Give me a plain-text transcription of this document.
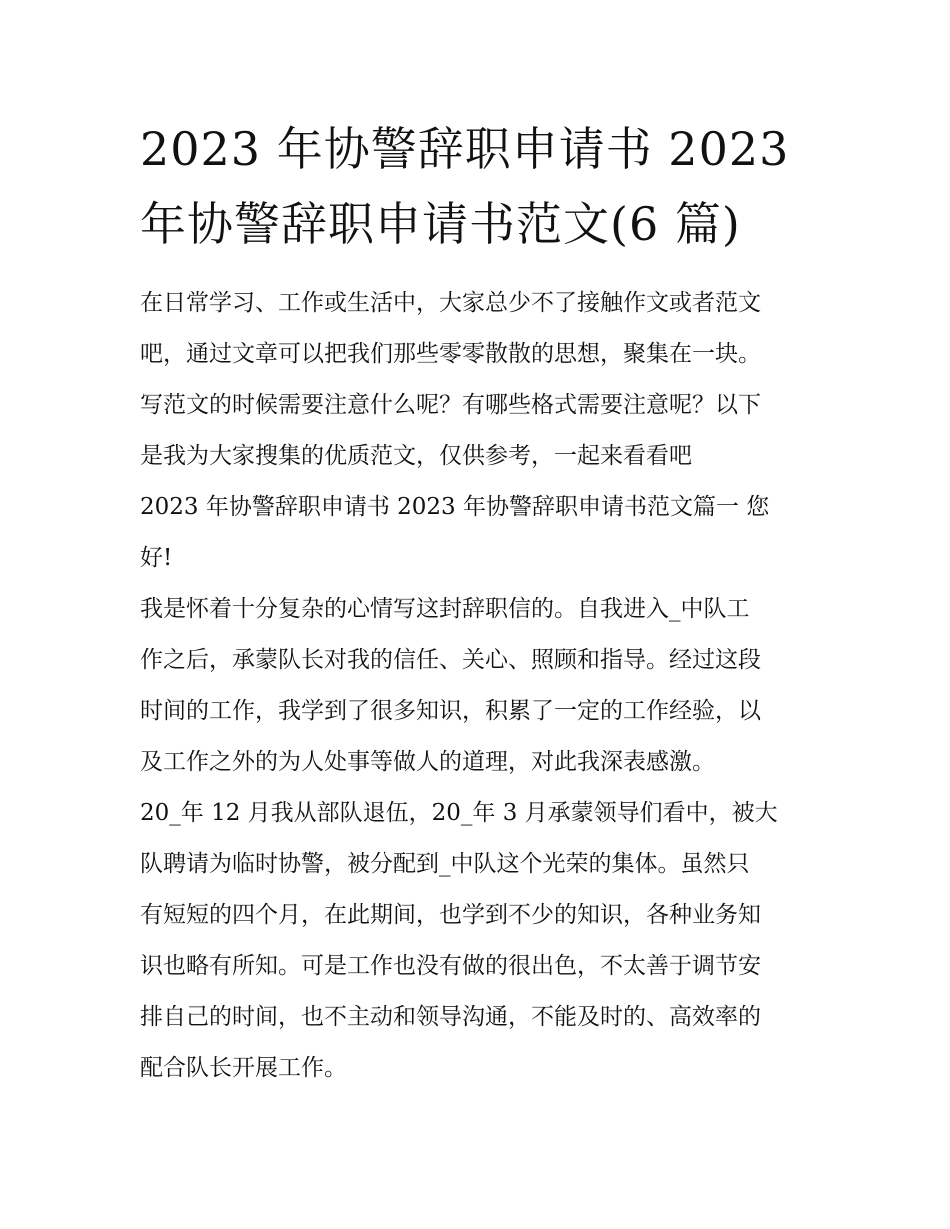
2023 年协警辞职申请书 2023
年协警辞职申请书范文(6 篇)
在日常学习、工作或生活中，大家总少不了接触作文或者范文
吧，通过文章可以把我们那些零零散散的思想，聚集在一块。
写范文的时候需要注意什么呢？有哪些格式需要注意呢？以下
是我为大家搜集的优质范文，仅供参考，一起来看看吧
2023 年协警辞职申请书 2023 年协警辞职申请书范文篇一 您
好!
我是怀着十分复杂的心情写这封辞职信的。自我进入_中队工
作之后，承蒙队长对我的信任、关心、照顾和指导。经过这段
时间的工作，我学到了很多知识，积累了一定的工作经验，以
及工作之外的为人处事等做人的道理，对此我深表感激。
20_年 12 月我从部队退伍，20_年 3 月承蒙领导们看中，被大
队聘请为临时协警，被分配到_中队这个光荣的集体。虽然只
有短短的四个月，在此期间，也学到不少的知识，各种业务知
识也略有所知。可是工作也没有做的很出色，不太善于调节安
排自己的时间，也不主动和领导沟通，不能及时的、高效率的
配合队长开展工作。
